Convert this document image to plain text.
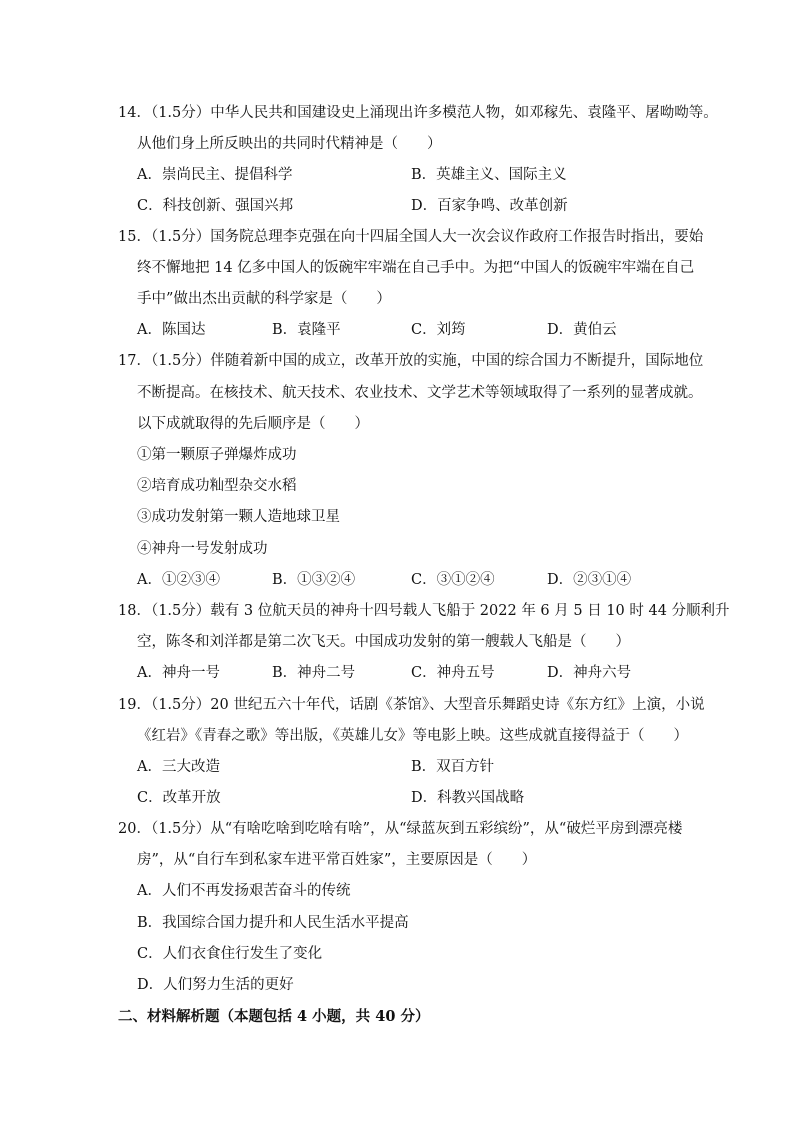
14．（1.5分）中华人民共和国建设史上涌现出许多模范人物，如邓稼先、袁隆平、屠呦呦等。
从他们身上所反映出的共同时代精神是（　　）
A．崇尚民主、提倡科学	B．英雄主义、国际主义
C．科技创新、强国兴邦	D．百家争鸣、改革创新
15．（1.5分）国务院总理李克强在向十四届全国人大一次会议作政府工作报告时指出，要始
终不懈地把 14 亿多中国人的饭碗牢牢端在自己手中。为把“中国人的饭碗牢牢端在自己
手中”做出杰出贡献的科学家是（　　）
A．陈国达	B．袁隆平	C．刘筠	D．黄伯云
17．（1.5分）伴随着新中国的成立，改革开放的实施，中国的综合国力不断提升，国际地位
不断提高。在核技术、航天技术、农业技术、文学艺术等领域取得了一系列的显著成就。
以下成就取得的先后顺序是（　　）
①第一颗原子弹爆炸成功
②培育成功籼型杂交水稻
③成功发射第一颗人造地球卫星
④神舟一号发射成功
A．①②③④	B．①③②④	C．③①②④	D．②③①④
18．（1.5分）载有 3 位航天员的神舟十四号载人飞船于 2022 年 6 月 5 日 10 时 44 分顺利升
空，陈冬和刘洋都是第二次飞天。中国成功发射的第一艘载人飞船是（　　）
A．神舟一号	B．神舟二号	C．神舟五号	D．神舟六号
19．（1.5分）20 世纪五六十年代，话剧《茶馆》、大型音乐舞蹈史诗《东方红》上演，小说
《红岩》《青春之歌》等出版，《英雄儿女》等电影上映。这些成就直接得益于（　　）
A．三大改造	B．双百方针
C．改革开放	D．科教兴国战略
20．（1.5分）从“有啥吃啥到吃啥有啥”，从“绿蓝灰到五彩缤纷”，从“破烂平房到漂亮楼
房”，从“自行车到私家车进平常百姓家”，主要原因是（　　）
A．人们不再发扬艰苦奋斗的传统
B．我国综合国力提升和人民生活水平提高
C．人们衣食住行发生了变化
D．人们努力生活的更好
二、材料解析题（本题包括 4 小题，共 40 分）
